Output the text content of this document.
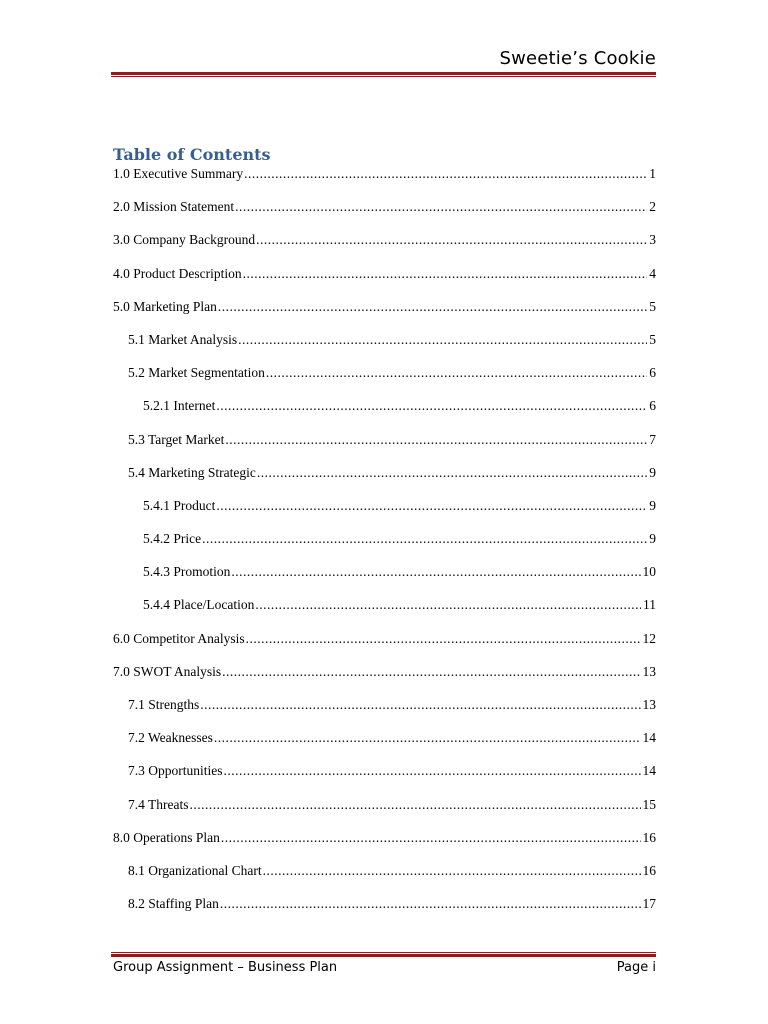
Sweetie’s Cookie
Table of Contents
1.0 Executive Summary .....	1
2.0 Mission Statement .....	2
3.0 Company Background .....	3
4.0 Product Description .....	4
5.0 Marketing Plan .....	5
5.1 Market Analysis .....	5
5.2 Market Segmentation .....	6
5.2.1 Internet .....	6
5.3 Target Market .....	7
5.4 Marketing Strategic .....	9
5.4.1 Product .....	9
5.4.2 Price .....	9
5.4.3 Promotion .....	10
5.4.4 Place/Location .....	11
6.0 Competitor Analysis .....	12
7.0 SWOT Analysis .....	13
7.1 Strengths .....	13
7.2 Weaknesses .....	14
7.3 Opportunities .....	14
7.4 Threats .....	15
8.0 Operations Plan .....	16
8.1 Organizational Chart .....	16
8.2 Staffing Plan .....	17
Group Assignment – Business Plan	Page i
